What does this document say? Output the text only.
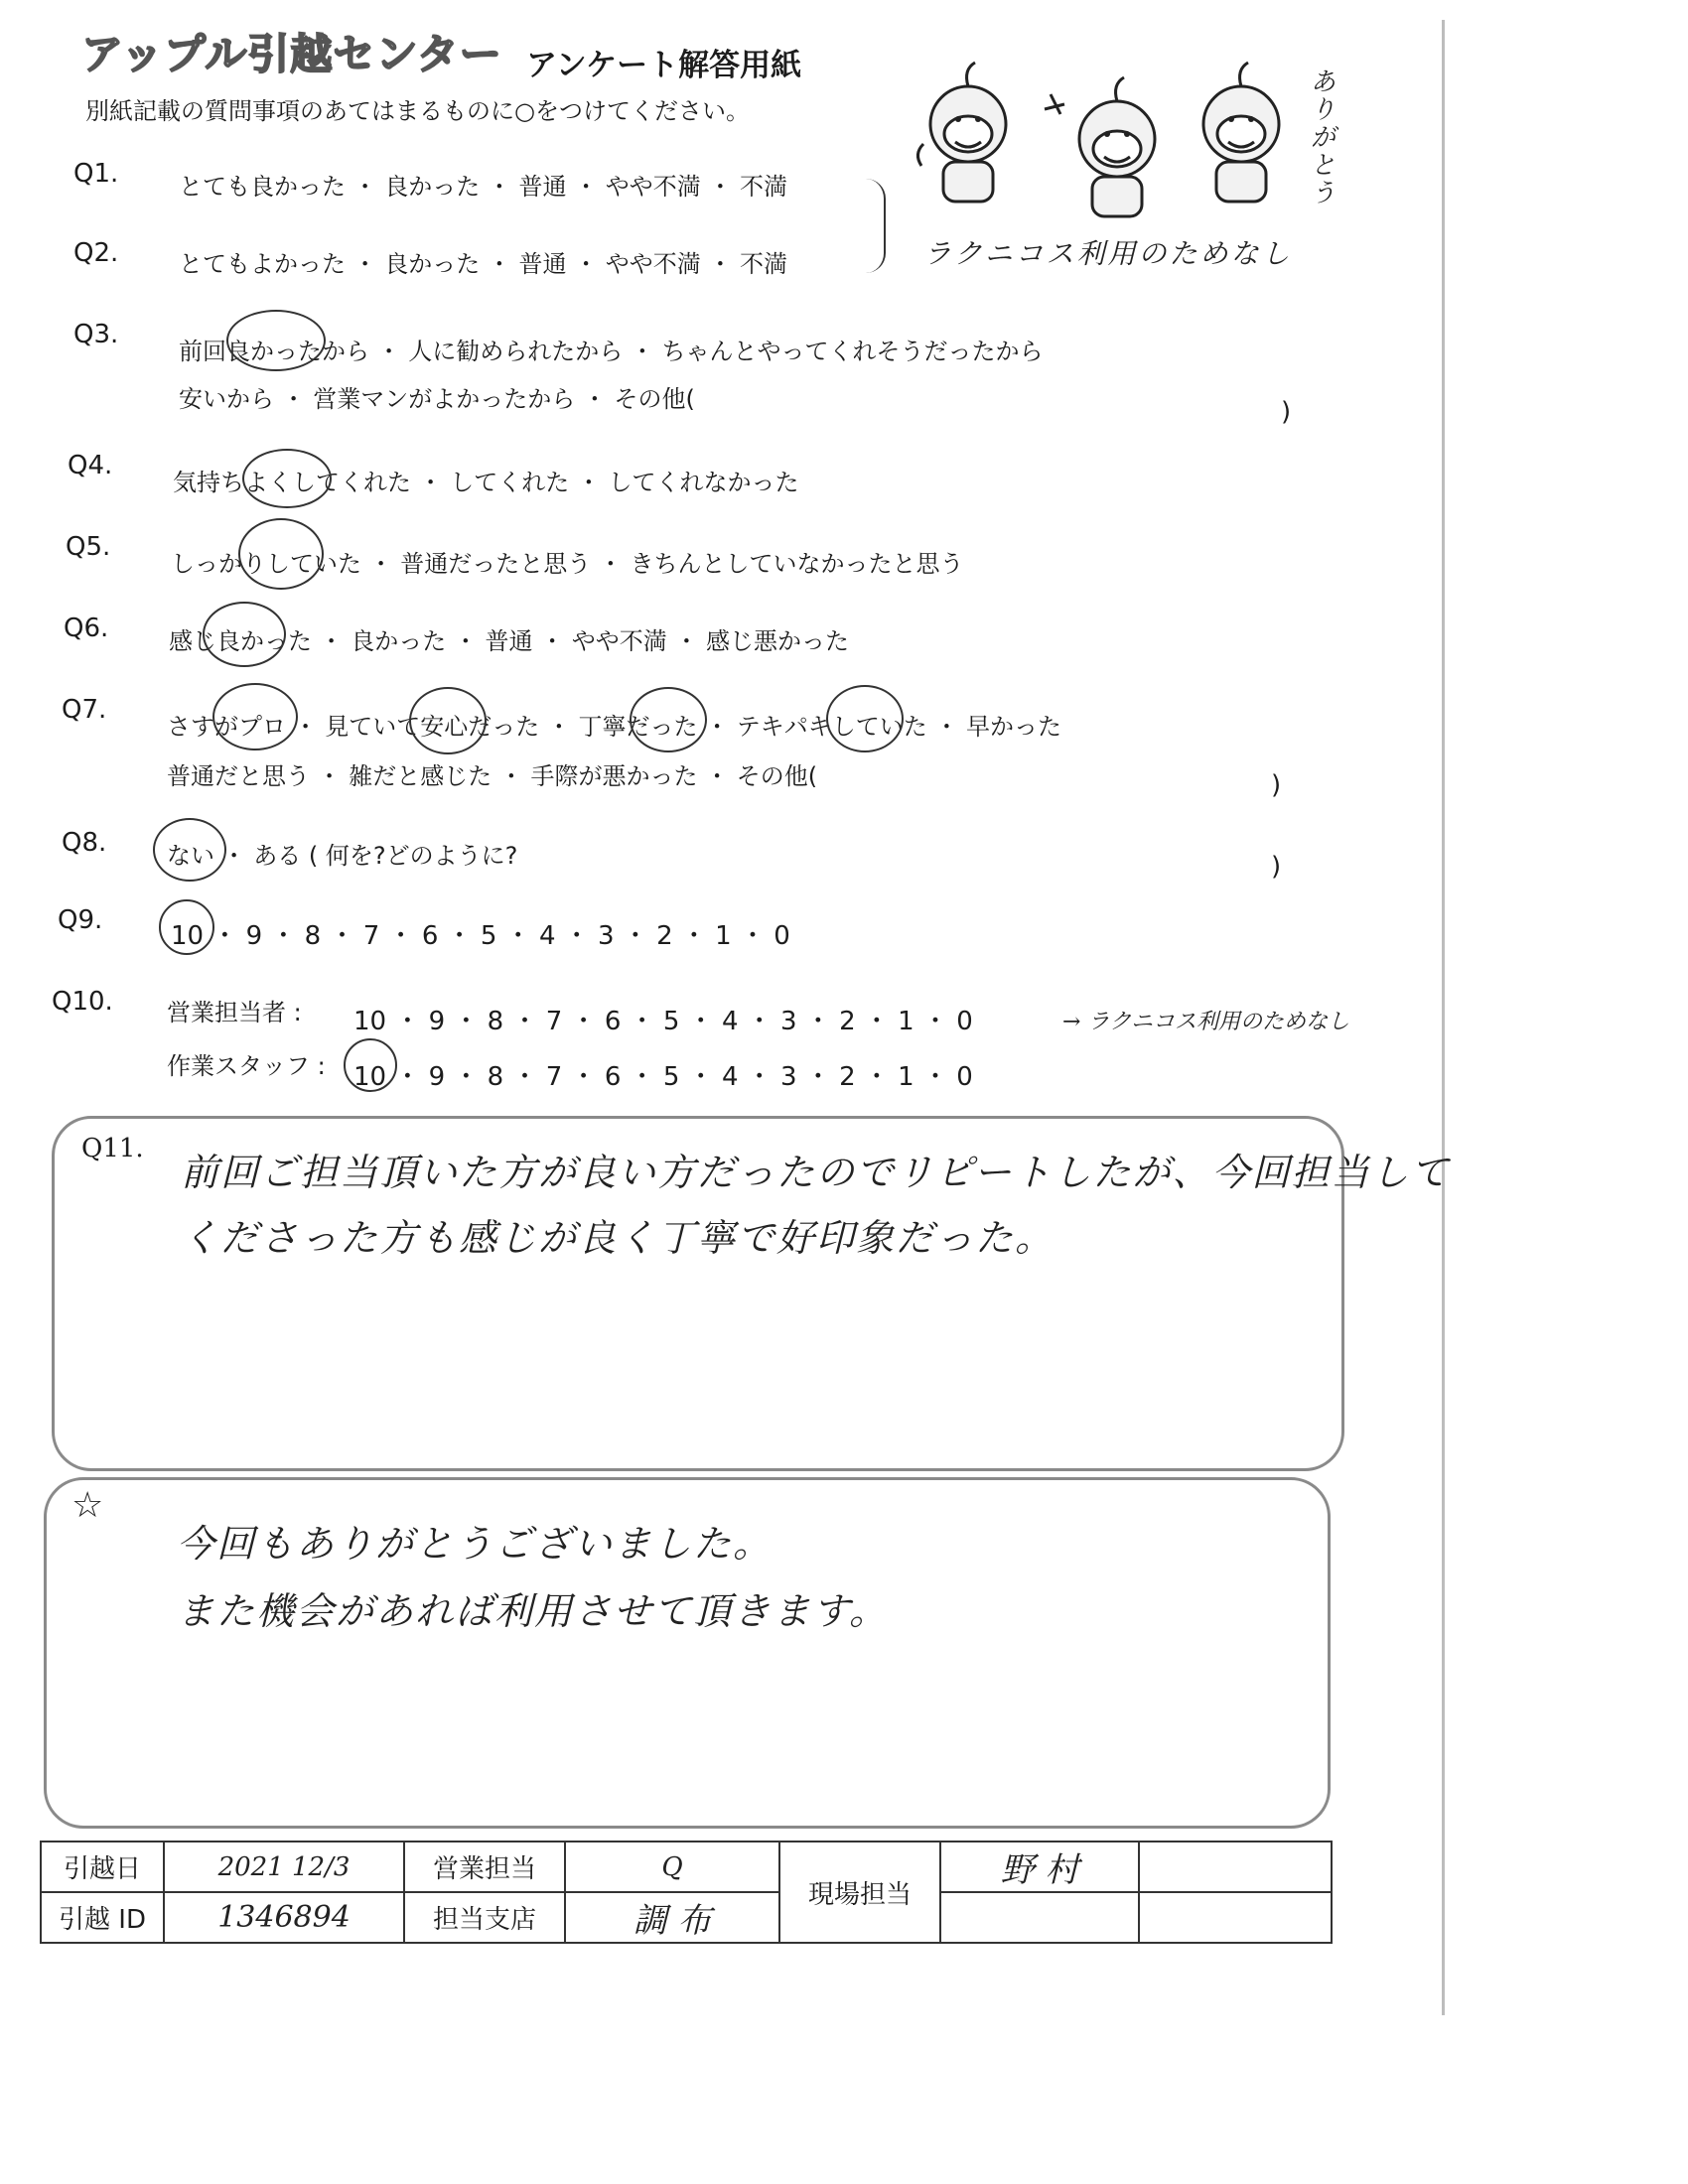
アップル引越センター アンケート解答用紙
別紙記載の質問事項のあてはまるものに○をつけてください。	ありがとう
Q1.	とても良かった ・ 良かった ・ 普通 ・ やや不満 ・ 不満
Q2.	とてもよかった ・ 良かった ・ 普通 ・ やや不満 ・ 不満	ラクニコス利用のためなし
Q3.
前回良かったから ・ 人に勧められたから ・ ちゃんとやってくれそうだったから
安いから ・ 営業マンがよかったから ・ その他(	)
Q4.
気持ちよくしてくれた ・ してくれた ・ してくれなかった
Q5.
しっかりしていた ・ 普通だったと思う ・ きちんとしていなかったと思う
Q6.	感じ良かった ・ 良かった ・ 普通 ・ やや不満 ・ 感じ悪かった
Q7.
さすがプロ ・ 見ていて安心だった ・ 丁寧だった ・ テキパキしていた ・ 早かった
普通だと思う ・ 雑だと感じた ・ 手際が悪かった ・ その他(	)
Q8.	ない ・ ある ( 何を?どのように?	)
Q9.
10 ・ 9 ・ 8 ・ 7 ・ 6 ・ 5 ・ 4 ・ 3 ・ 2 ・ 1 ・ 0
Q10. 営業担当者 : 10 ・ 9 ・ 8 ・ 7 ・ 6 ・ 5 ・ 4 ・ 3 ・ 2 ・ 1 ・ 0	→ ラクニコス利用のためなし
作業スタッフ : 10 ・ 9 ・ 8 ・ 7 ・ 6 ・ 5 ・ 4 ・ 3 ・ 2 ・ 1 ・ 0
Q11.
前回ご担当頂いた方が良い方だったのでリピートしたが、今回担当して
くださった方も感じが良く丁寧で好印象だった。
☆
今回もありがとうございました。
また機会があれば利用させて頂きます。
引越日	2021 12/3	営業担当	Q	現場担当	野 村	
引越 ID	1346894	担当支店	調 布			
